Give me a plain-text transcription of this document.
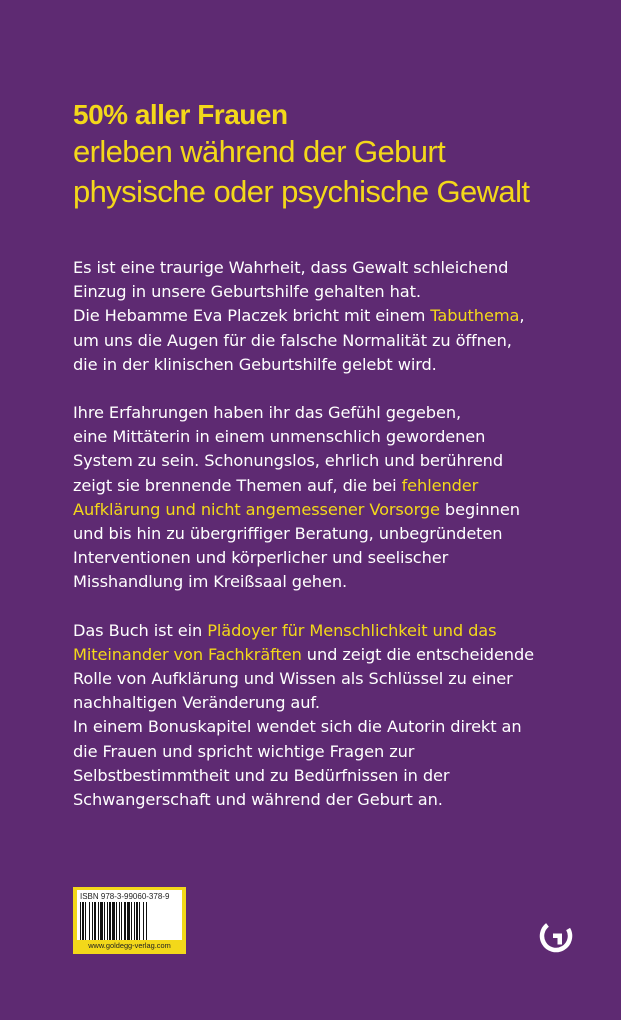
50% aller Frauen
erleben während der Geburt
physische oder psychische Gewalt

Es ist eine traurige Wahrheit, dass Gewalt schleichend
Einzug in unsere Geburtshilfe gehalten hat.
Die Hebamme Eva Placzek bricht mit einem Tabuthema,
um uns die Augen für die falsche Normalität zu öffnen,
die in der klinischen Geburtshilfe gelebt wird.

Ihre Erfahrungen haben ihr das Gefühl gegeben,
eine Mittäterin in einem unmenschlich gewordenen
System zu sein. Schonungslos, ehrlich und berührend
zeigt sie brennende Themen auf, die bei fehlender
Aufklärung und nicht angemessener Vorsorge beginnen
und bis hin zu übergriffiger Beratung, unbegründeten
Interventionen und körperlicher und seelischer
Misshandlung im Kreißsaal gehen.

Das Buch ist ein Plädoyer für Menschlichkeit und das
Miteinander von Fachkräften und zeigt die entscheidende
Rolle von Aufklärung und Wissen als Schlüssel zu einer
nachhaltigen Veränderung auf.

In einem Bonuskapitel wendet sich die Autorin direkt an
die Frauen und spricht wichtige Fragen zur
Selbstbestimmtheit und zu Bedürfnissen in der
Schwangerschaft und während der Geburt an.

ISBN 978-3-99060-378-9
www.goldegg-verlag.com
